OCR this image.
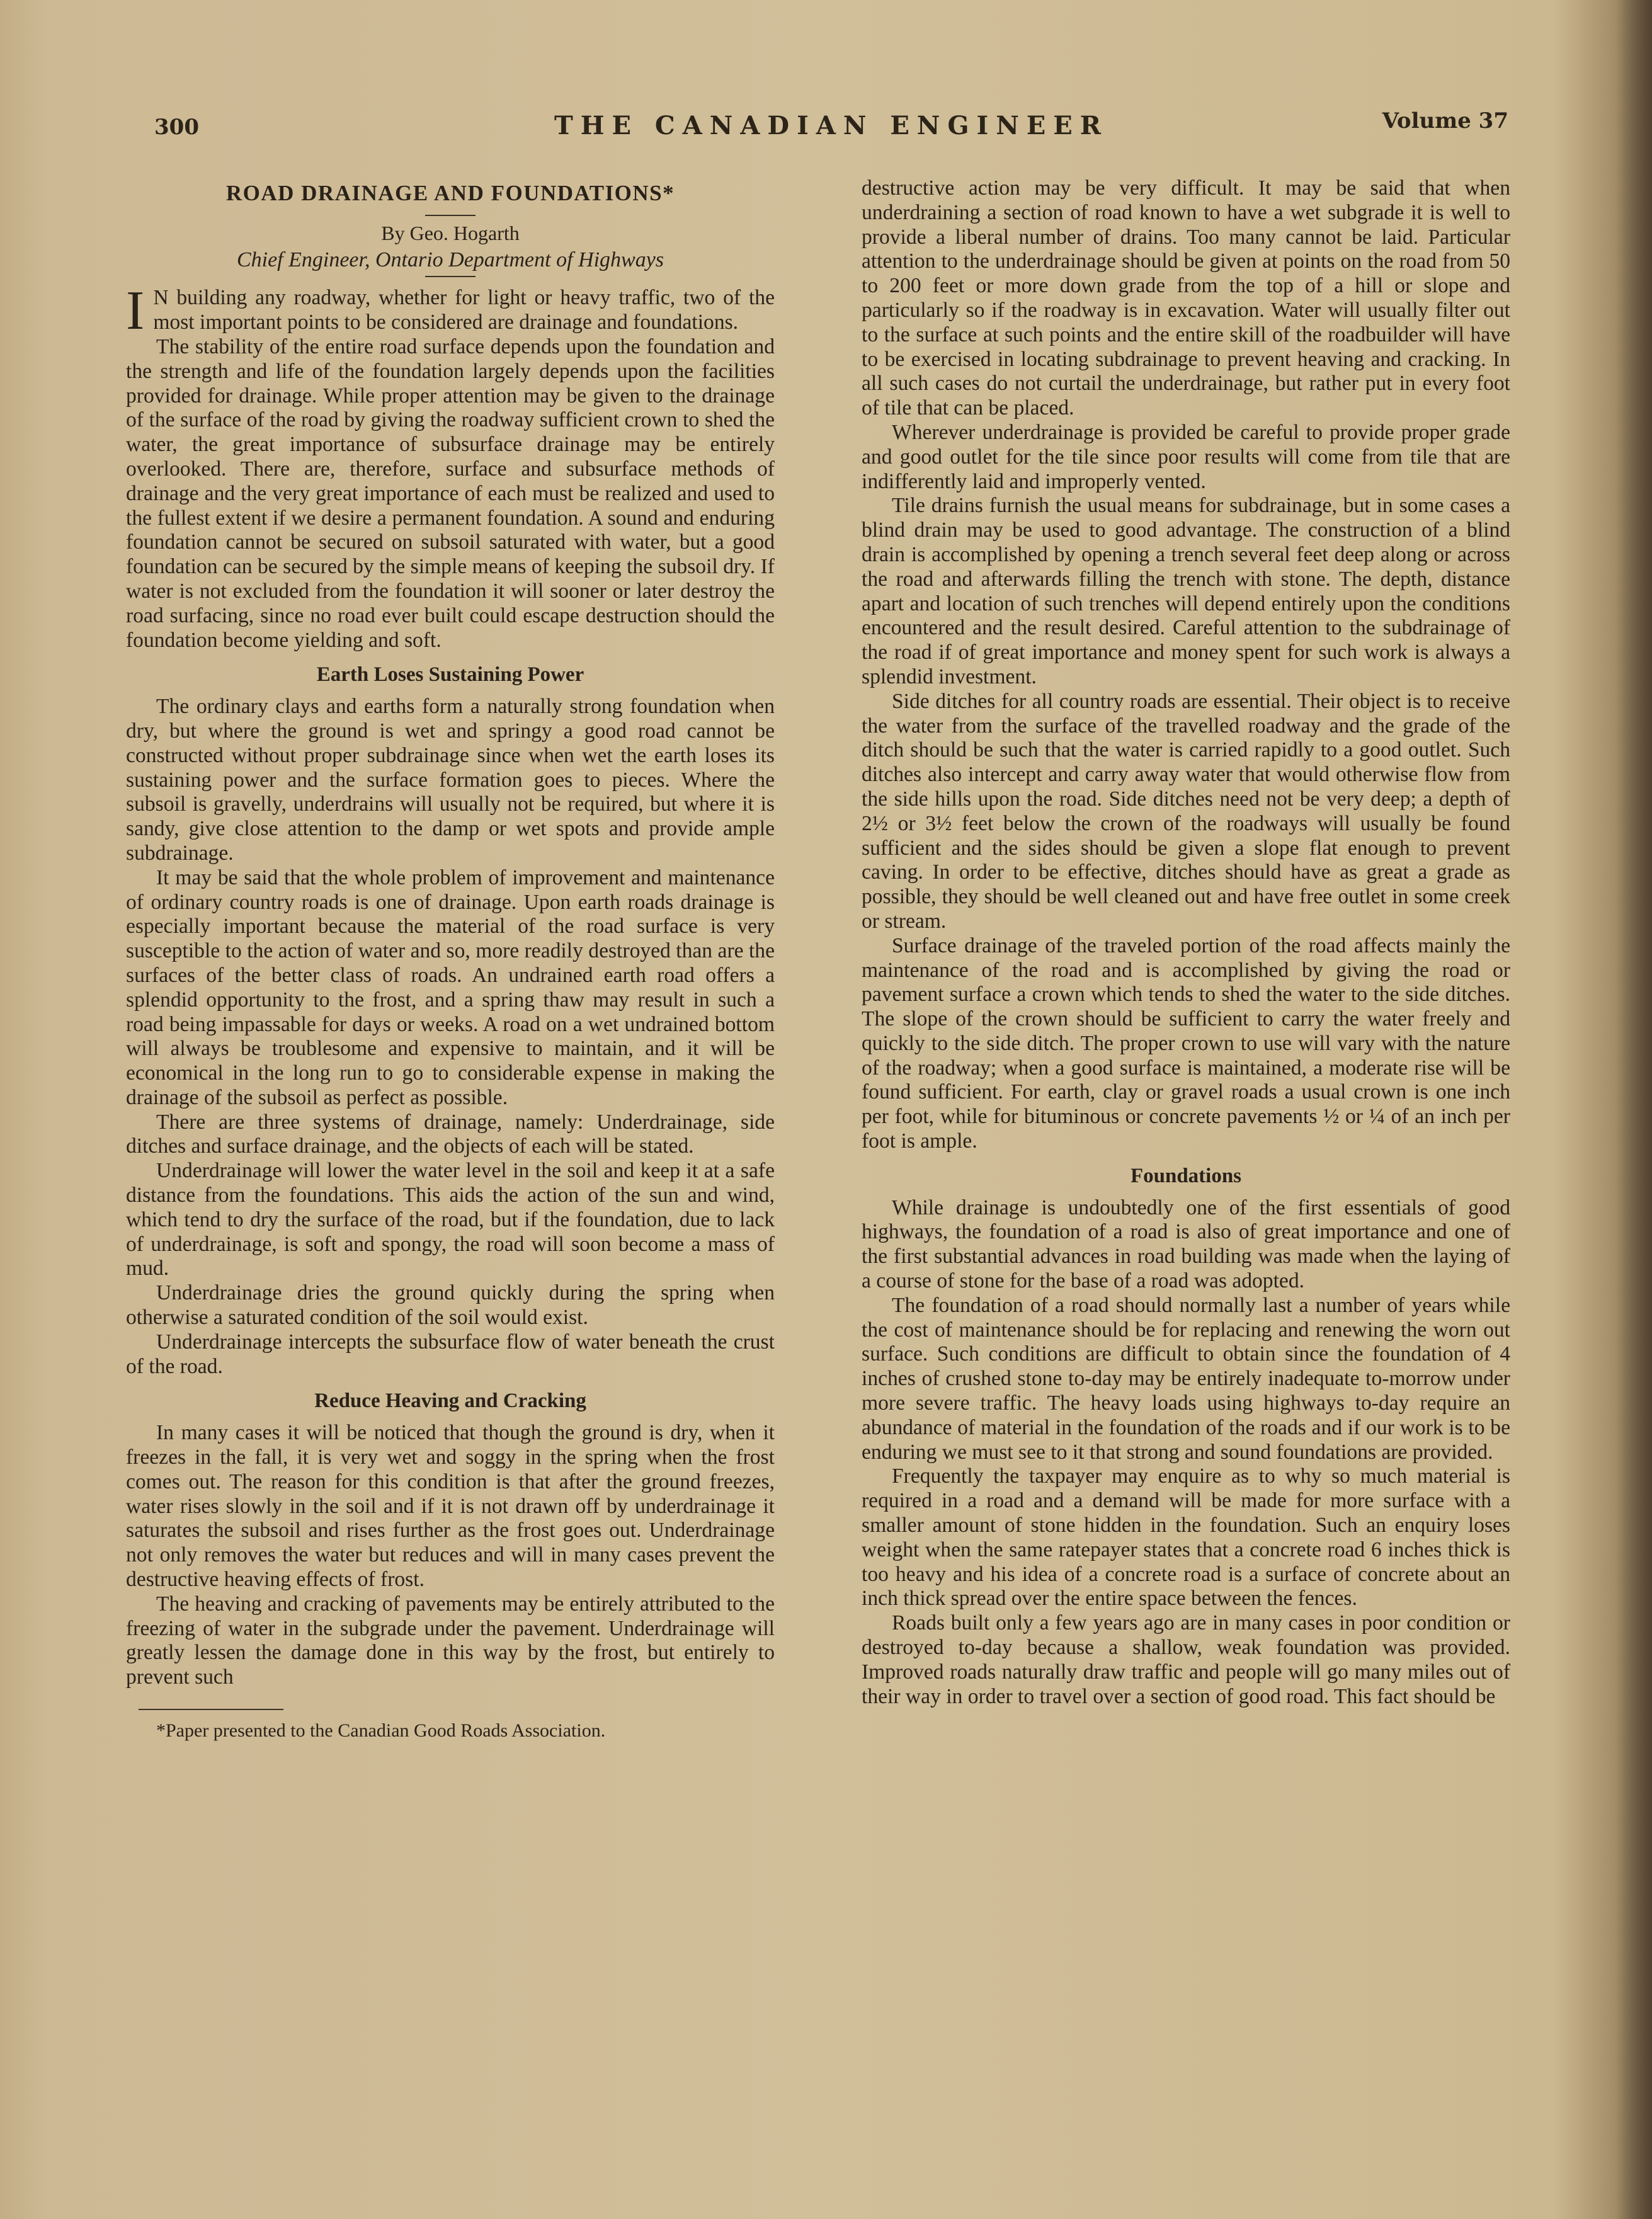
300	THE CANADIAN ENGINEER	Volume 37
ROAD DRAINAGE AND FOUNDATIONS*
By Geo. Hogarth
Chief Engineer, Ontario Department of Highways

I N building any roadway, whether for light or heavy traffic, two of the most important points to be considered are drainage and foundations.

The stability of the entire road surface depends upon the foundation and the strength and life of the foundation largely depends upon the facilities provided for drainage. While proper attention may be given to the drainage of the surface of the road by giving the roadway sufficient crown to shed the water, the great importance of subsurface drainage may be entirely overlooked. There are, therefore, surface and subsurface methods of drainage and the very great importance of each must be realized and used to the fullest extent if we desire a permanent foundation. A sound and enduring foundation cannot be secured on subsoil saturated with water, but a good foundation can be secured by the simple means of keeping the subsoil dry. If water is not excluded from the foundation it will sooner or later destroy the road surfacing, since no road ever built could escape destruction should the foundation become yielding and soft.

Earth Loses Sustaining Power

The ordinary clays and earths form a naturally strong foundation when dry, but where the ground is wet and springy a good road cannot be constructed without proper subdrainage since when wet the earth loses its sustaining power and the surface formation goes to pieces. Where the subsoil is gravelly, underdrains will usually not be required, but where it is sandy, give close attention to the damp or wet spots and provide ample subdrainage.

It may be said that the whole problem of improvement and maintenance of ordinary country roads is one of drainage. Upon earth roads drainage is especially important because the material of the road surface is very susceptible to the action of water and so, more readily destroyed than are the surfaces of the better class of roads. An undrained earth road offers a splendid opportunity to the frost, and a spring thaw may result in such a road being impassable for days or weeks. A road on a wet undrained bottom will always be troublesome and expensive to maintain, and it will be economical in the long run to go to considerable expense in making the drainage of the subsoil as perfect as possible.

There are three systems of drainage, namely: Underdrainage, side ditches and surface drainage, and the objects of each will be stated.

Underdrainage will lower the water level in the soil and keep it at a safe distance from the foundations. This aids the action of the sun and wind, which tend to dry the surface of the road, but if the foundation, due to lack of underdrainage, is soft and spongy, the road will soon become a mass of mud.

Underdrainage dries the ground quickly during the spring when otherwise a saturated condition of the soil would exist.

Underdrainage intercepts the subsurface flow of water beneath the crust of the road.

Reduce Heaving and Cracking

In many cases it will be noticed that though the ground is dry, when it freezes in the fall, it is very wet and soggy in the spring when the frost comes out. The reason for this condition is that after the ground freezes, water rises slowly in the soil and if it is not drawn off by underdrainage it saturates the subsoil and rises further as the frost goes out. Underdrainage not only removes the water but reduces and will in many cases prevent the destructive heaving effects of frost.

The heaving and cracking of pavements may be entirely attributed to the freezing of water in the subgrade under the pavement. Underdrainage will greatly lessen the damage done in this way by the frost, but entirely to prevent such

*Paper presented to the Canadian Good Roads Association.

destructive action may be very difficult. It may be said that when underdraining a section of road known to have a wet subgrade it is well to provide a liberal number of drains. Too many cannot be laid. Particular attention to the underdrainage should be given at points on the road from 50 to 200 feet or more down grade from the top of a hill or slope and particularly so if the roadway is in excavation. Water will usually filter out to the surface at such points and the entire skill of the roadbuilder will have to be exercised in locating subdrainage to prevent heaving and cracking. In all such cases do not curtail the underdrainage, but rather put in every foot of tile that can be placed.

Wherever underdrainage is provided be careful to provide proper grade and good outlet for the tile since poor results will come from tile that are indifferently laid and improperly vented.

Tile drains furnish the usual means for subdrainage, but in some cases a blind drain may be used to good advantage. The construction of a blind drain is accomplished by opening a trench several feet deep along or across the road and afterwards filling the trench with stone. The depth, distance apart and location of such trenches will depend entirely upon the conditions encountered and the result desired. Careful attention to the subdrainage of the road if of great importance and money spent for such work is always a splendid investment.

Side ditches for all country roads are essential. Their object is to receive the water from the surface of the travelled roadway and the grade of the ditch should be such that the water is carried rapidly to a good outlet. Such ditches also intercept and carry away water that would otherwise flow from the side hills upon the road. Side ditches need not be very deep; a depth of 2½ or 3½ feet below the crown of the roadways will usually be found sufficient and the sides should be given a slope flat enough to prevent caving. In order to be effective, ditches should have as great a grade as possible, they should be well cleaned out and have free outlet in some creek or stream.

Surface drainage of the traveled portion of the road affects mainly the maintenance of the road and is accomplished by giving the road or pavement surface a crown which tends to shed the water to the side ditches. The slope of the crown should be sufficient to carry the water freely and quickly to the side ditch. The proper crown to use will vary with the nature of the roadway; when a good surface is maintained, a moderate rise will be found sufficient. For earth, clay or gravel roads a usual crown is one inch per foot, while for bituminous or concrete pavements ½ or ¼ of an inch per foot is ample.

Foundations

While drainage is undoubtedly one of the first essentials of good highways, the foundation of a road is also of great importance and one of the first substantial advances in road building was made when the laying of a course of stone for the base of a road was adopted.

The foundation of a road should normally last a number of years while the cost of maintenance should be for replacing and renewing the worn out surface. Such conditions are difficult to obtain since the foundation of 4 inches of crushed stone to-day may be entirely inadequate to-morrow under more severe traffic. The heavy loads using highways to-day require an abundance of material in the foundation of the roads and if our work is to be enduring we must see to it that strong and sound foundations are provided.

Frequently the taxpayer may enquire as to why so much material is required in a road and a demand will be made for more surface with a smaller amount of stone hidden in the foundation. Such an enquiry loses weight when the same ratepayer states that a concrete road 6 inches thick is too heavy and his idea of a concrete road is a surface of concrete about an inch thick spread over the entire space between the fences.

Roads built only a few years ago are in many cases in poor condition or destroyed to-day because a shallow, weak foundation was provided. Improved roads naturally draw traffic and people will go many miles out of their way in order to travel over a section of good road. This fact should be
